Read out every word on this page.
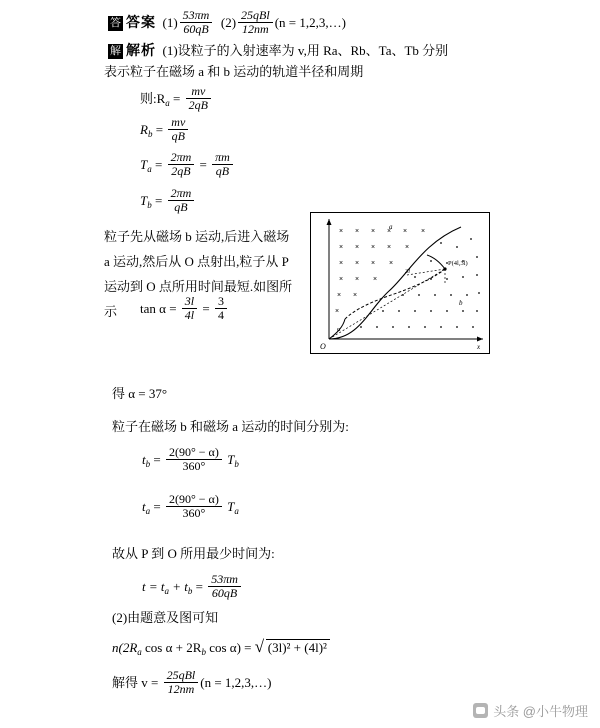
答 答案 $(1) \frac{53\pi m}{60qB} (2) \frac{\text{25qBl}}{12nm} (n$ = 1,2,3,…)
解 解析 (1)设粒子的入射速率为 v,用 Ra、Rb、Ta、Tb 分别
表示粒子在磁场 a 和 b 运动的轨道半径和周期
则$:R_a = \frac{mv}{2qB}$
$R_b = \frac{mv}{qB}$
$T_a = \frac{2\pi m}{2qB} = \frac{\pi m}{qB}$
$T_b = \frac{2\pi m}{qB}$
粒子先从磁场 b 运动,后进入磁场 a 运动,然后从 O 点射出,粒子从 P 运动到 O 点所用时间最短.如图所示	$\tan \alpha = \frac{3l}{4l} = \frac{3}{4}$
× × × × × ×
× × × × ×
× × × ×
× × ×
× ×
×
a
b
P(4l,3l)
O
3l
x
α
得 α = 37°
粒子在磁场 b 和磁场 a 运动的时间分别为:
$t_b = \frac{2(90^\circ - \alpha)}{360^\circ} T_b$
$t_a = \frac{2(90^\circ - \alpha)}{360^\circ} T_a$
故从 P 到 O 所用最少时间为:
$t = t_a + t_b = \frac{53\pi m}{60qB}$
(2)由题意及图可知
$n(2R_a$ $\cos \alpha + 2R_b$ cos α) = √ (3l)² + (4l)²
解得 $v = \frac{\text{25qBl}}{12nm} (n$ = 1,2,3,…)
头条 @小牛物理
